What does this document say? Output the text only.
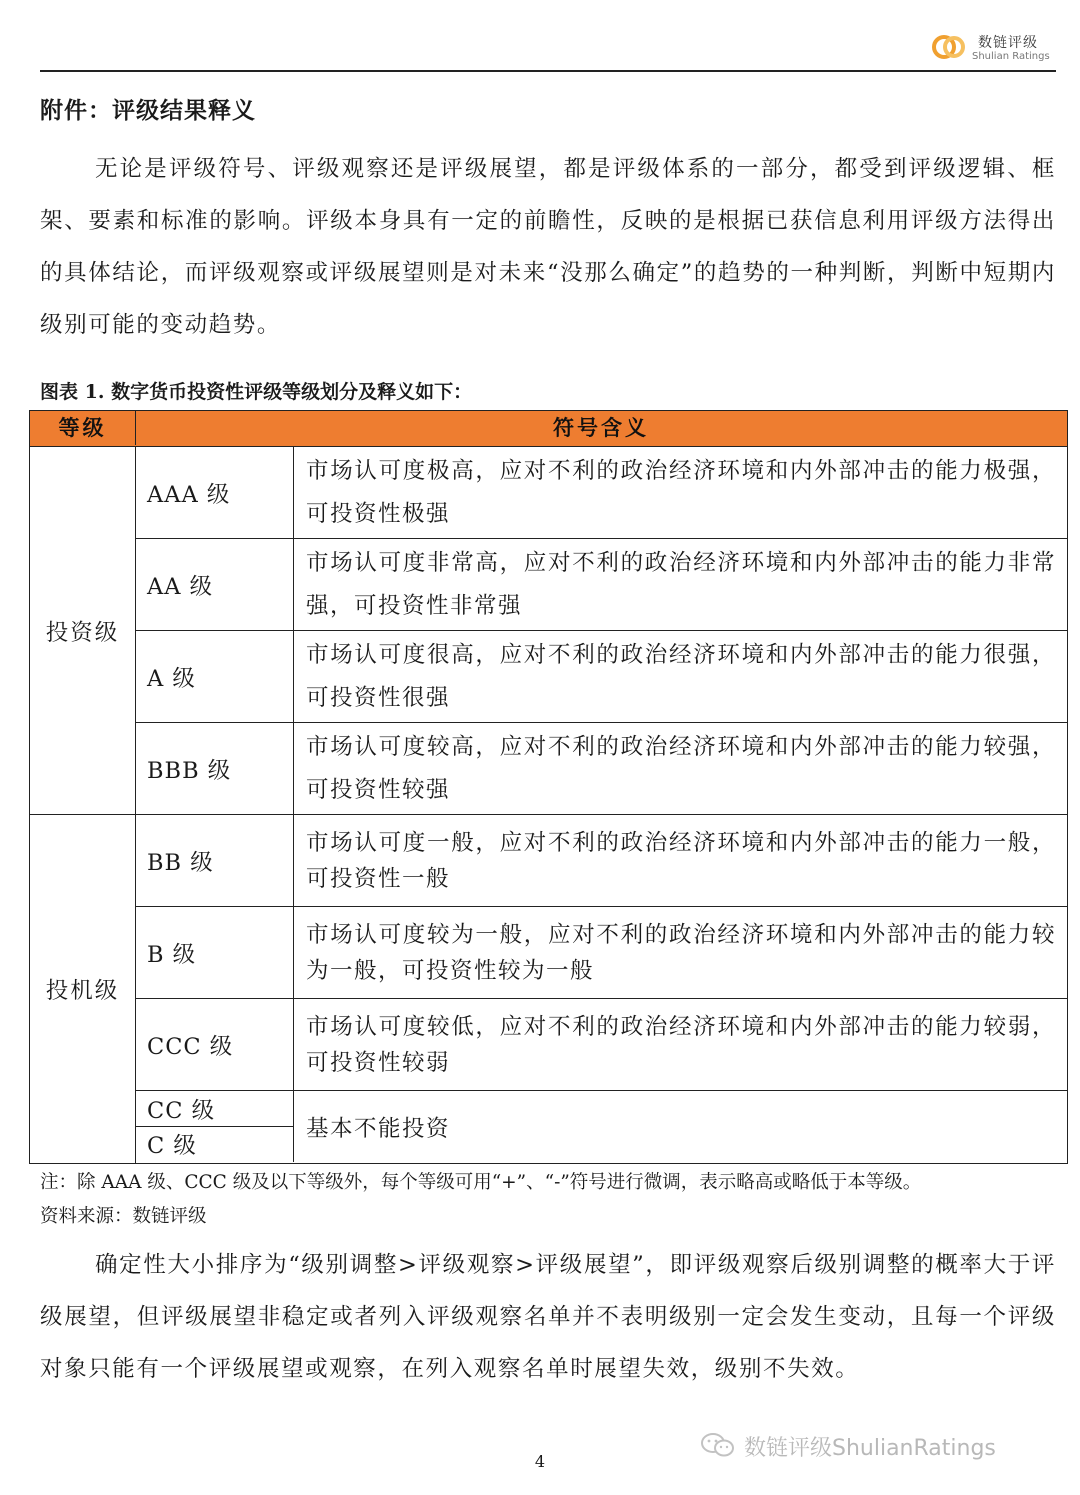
数链评级
Shulian Ratings
附件：评级结果释义

无论是评级符号、评级观察还是评级展望，都是评级体系的一部分，都受到评级逻辑、框架、要素和标准的影响。评级本身具有一定的前瞻性，反映的是根据已获信息利用评级方法得出的具体结论，而评级观察或评级展望则是对未来“没那么确定”的趋势的一种判断，判断中短期内级别可能的变动趋势。

图表 1. 数字货币投资性评级等级划分及释义如下：
等级	符号含义
投资级
投机级
AAA 级
市场认可度极高，应对不利的政治经济环境和内外部冲击的能力极强，可投资性极强
AA 级
市场认可度非常高，应对不利的政治经济环境和内外部冲击的能力非常强，可投资性非常强
A 级
市场认可度很高，应对不利的政治经济环境和内外部冲击的能力很强，可投资性很强
BBB 级
市场认可度较高，应对不利的政治经济环境和内外部冲击的能力较强，可投资性较强
BB 级
市场认可度一般，应对不利的政治经济环境和内外部冲击的能力一般，可投资性一般
B 级
市场认可度较为一般，应对不利的政治经济环境和内外部冲击的能力较为一般，可投资性较为一般
CCC 级
市场认可度较低，应对不利的政治经济环境和内外部冲击的能力较弱，可投资性较弱
CC 级
C 级
基本不能投资
注：除 AAA 级、CCC 级及以下等级外，每个等级可用“+”、“-”符号进行微调，表示略高或略低于本等级。
资料来源：数链评级

确定性大小排序为“级别调整>评级观察>评级展望”，即评级观察后级别调整的概率大于评级展望，但评级展望非稳定或者列入评级观察名单并不表明级别一定会发生变动，且每一个评级对象只能有一个评级展望或观察，在列入观察名单时展望失效，级别不失效。

数链评级ShulianRatings
4
